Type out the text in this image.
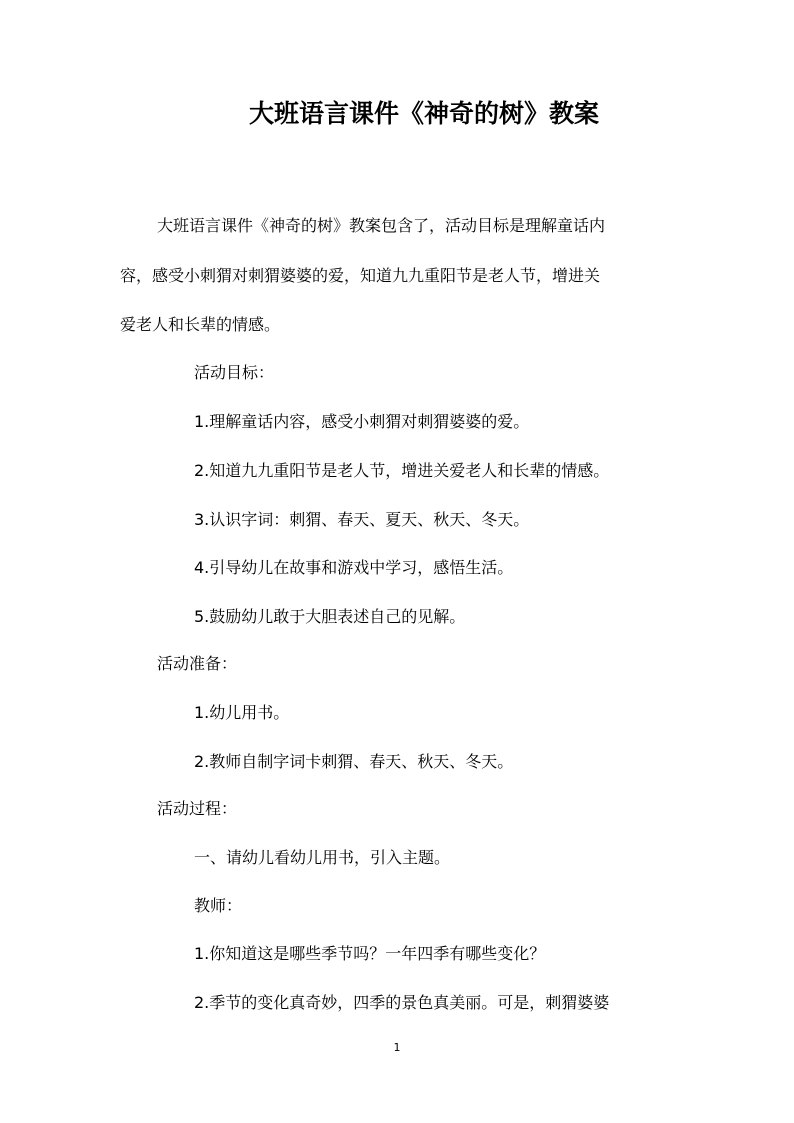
大班语言课件《神奇的树》教案
大班语言课件《神奇的树》教案包含了，活动目标是理解童话内
容，感受小刺猬对刺猬婆婆的爱，知道九九重阳节是老人节，增进关
爱老人和长辈的情感。
活动目标：
1.理解童话内容，感受小刺猬对刺猬婆婆的爱。
2.知道九九重阳节是老人节，增进关爱老人和长辈的情感。
3.认识字词：刺猬、春天、夏天、秋天、冬天。
4.引导幼儿在故事和游戏中学习，感悟生活。
5.鼓励幼儿敢于大胆表述自己的见解。
活动准备：
1.幼儿用书。
2.教师自制字词卡刺猬、春天、秋天、冬天。
活动过程：
一、请幼儿看幼儿用书，引入主题。
教师：
1.你知道这是哪些季节吗？一年四季有哪些变化？
2.季节的变化真奇妙，四季的景色真美丽。可是，刺猬婆婆
1
